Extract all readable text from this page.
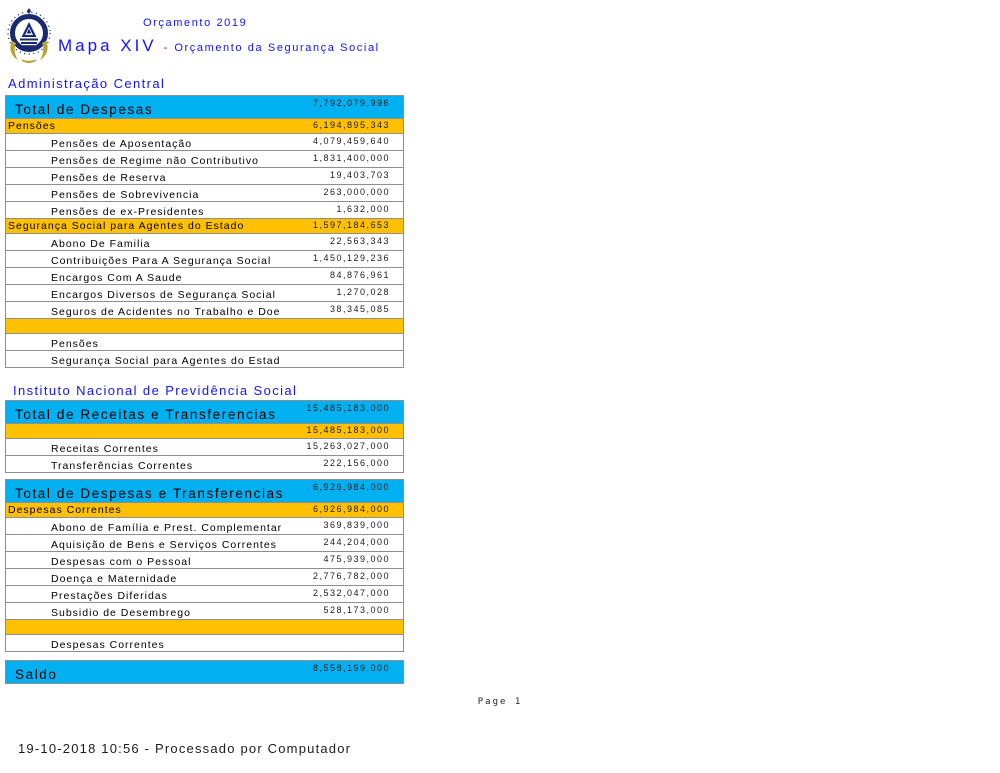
Orçamento 2019
Mapa XIV - Orçamento da Segurança Social
Administração Central
Total de Despesas	7,792,079,996
Pensões	6,194,895,343
Pensões de Aposentação	4,079,459,640
Pensões de Regime não Contributivo	1,831,400,000
Pensões de Reserva	19,403,703
Pensões de Sobrevivencia	263,000,000
Pensões de ex-Presidentes	1,632,000
Segurança Social para Agentes do Estado	1,597,184,653
Abono De Familia	22,563,343
Contribuições Para A Segurança Social	1,450,129,236
Encargos Com A Saude	84,876,961
Encargos Diversos de Segurança Social	1,270,028
Seguros de Acidentes no Trabalho e Doe	38,345,085
Pensões
Segurança Social para Agentes do Estad
Instituto Nacional de Previdência Social
Total de Receitas e Transferencias	15,485,183,000
15,485,183,000
Receitas Correntes	15,263,027,000
Transferências Correntes	222,156,000
Total de Despesas e Transferencias	6,926,984,000
Despesas Correntes	6,926,984,000
Abono de Família e Prest. Complementar	369,839,000
Aquisição de Bens e Serviços Correntes	244,204,000
Despesas com o Pessoal	475,939,000
Doença e Maternidade	2,776,782,000
Prestações Diferidas	2,532,047,000
Subsidio de Desembrego	528,173,000
Despesas Correntes
Saldo	8,558,199,000
Page 1
19-10-2018 10:56 - Processado por Computador
